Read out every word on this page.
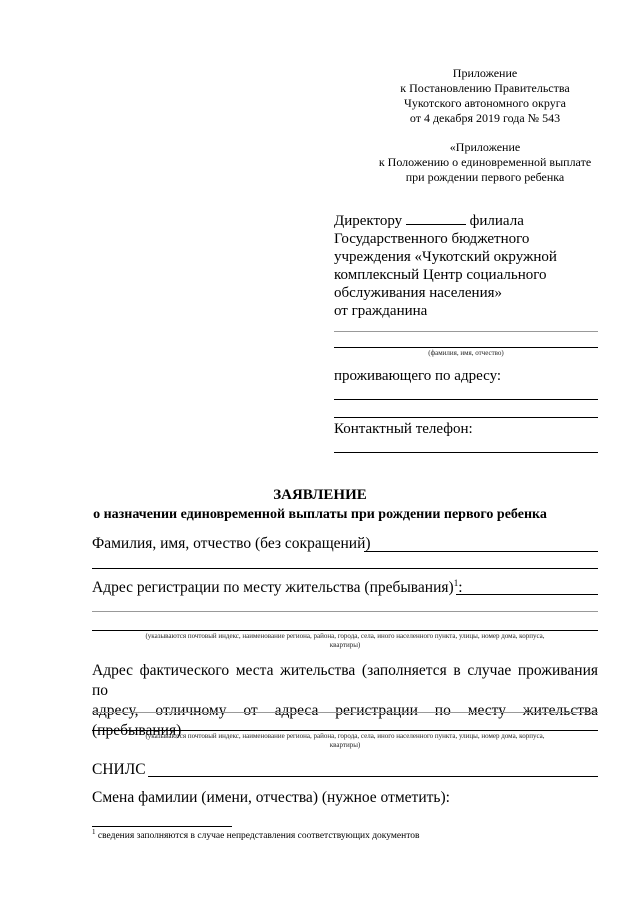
Приложение
к Постановлению Правительства
Чукотского автономного округа
от 4 декабря 2019 года № 543
«Приложение
к Положению о единовременной выплате
при рождении первого ребенка
Директору	филиала
Государственного бюджетного
учреждения «Чукотский окружной
комплексный Центр социального
обслуживания населения»
от гражданина
(фамилия, имя, отчество)
проживающего по адресу:
Контактный телефон:
ЗАЯВЛЕНИЕ
о назначении единовременной выплаты при рождении первого ребенка
Фамилия, имя, отчество (без сокращений)
Адрес регистрации по месту жительства (пребывания)$^1$:
(указываются почтовый индекс, наименование региона, района, города, села, иного населенного пункта, улицы, номер дома, корпуса,
квартиры)
Адрес фактического места жительства (заполняется в случае проживания по
адресу, отличному от адреса регистрации по месту жительства (пребывания)
(указываются почтовый индекс, наименование региона, района, города, села, иного населенного пункта, улицы, номер дома, корпуса,
квартиры)
СНИЛС
Смена фамилии (имени, отчества) (нужное отметить):
$^1$ сведения заполняются в случае непредставления соответствующих документов
